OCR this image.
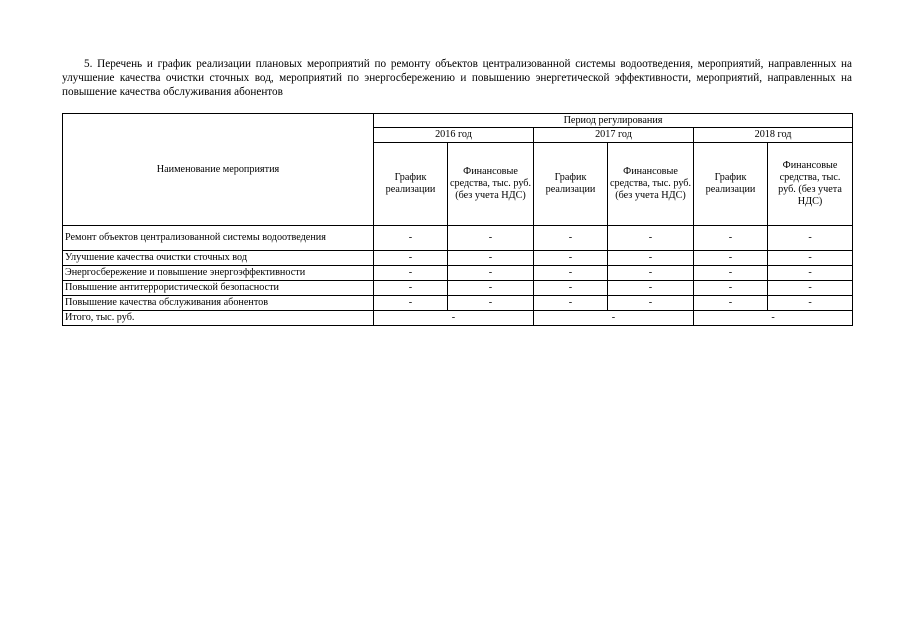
5. Перечень и график реализации плановых мероприятий по ремонту объектов централизованной системы водоотведения, мероприятий, направленных на улучшение качества очистки сточных вод, мероприятий по энергосбережению и повышению энергетической эффективности, мероприятий, направленных на повышение качества обслуживания абонентов

Наименование мероприятия	Период регулирования					
	2016 год		2017 год		2018 год	
	График реализации	Финансовые средства, тыс. руб. (без учета НДС)	График реализации	Финансовые средства, тыс. руб. (без учета НДС)	График реализации	Финансовые средства, тыс. руб. (без учета НДС)
Ремонт объектов централизованной системы водоотведения	-	-	-	-	-	-
Улучшение качества очистки сточных вод	-	-	-	-	-	-
Энергосбережение и повышение энергоэффективности	-	-	-	-	-	-
Повышение антитеррористической безопасности	-	-	-	-	-	-
Повышение качества обслуживания абонентов	-	-	-	-	-	-
Итого, тыс. руб.	-		-		-	
